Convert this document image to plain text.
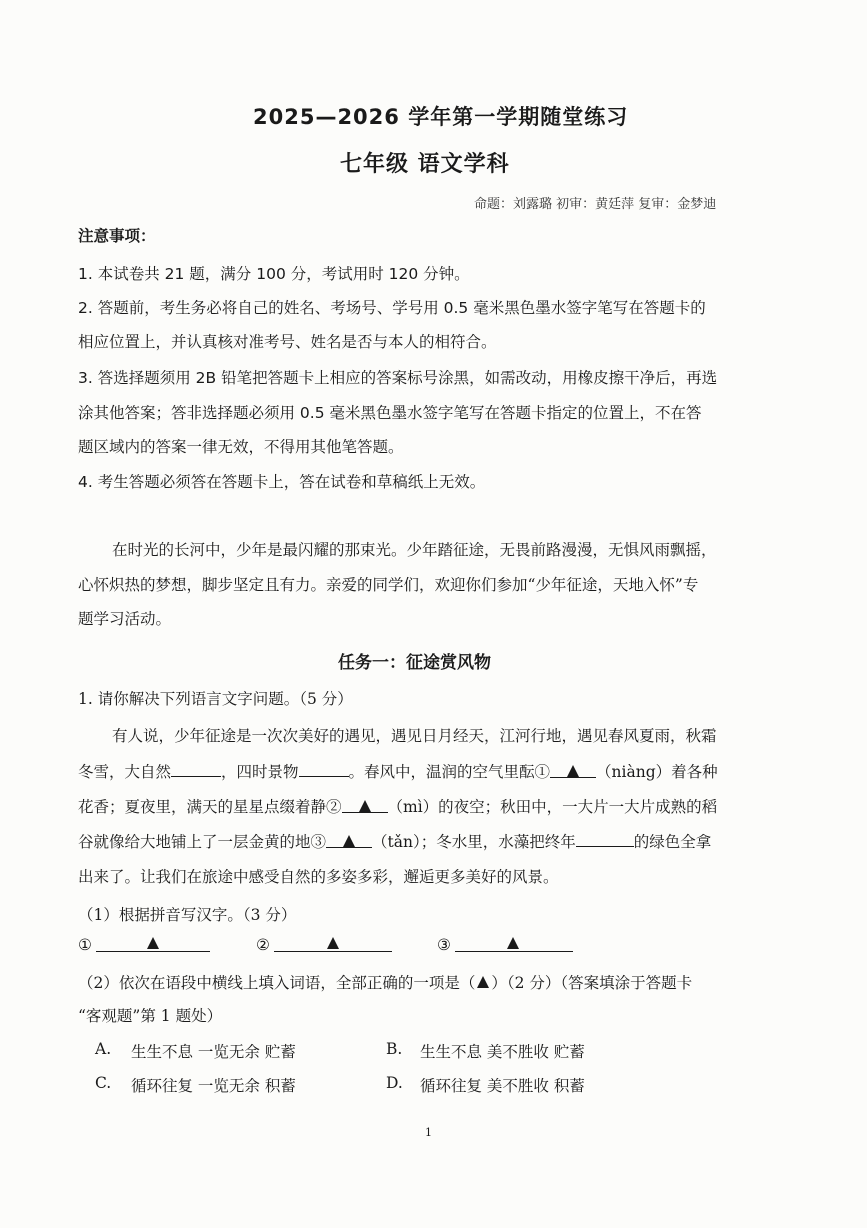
2025—2026 学年第一学期随堂练习
七年级 语文学科
命题：刘露璐 初审：黄廷萍 复审：金梦迪
注意事项：
1. 本试卷共 21 题，满分 100 分，考试用时 120 分钟。
2. 答题前，考生务必将自己的姓名、考场号、学号用 0.5 毫米黑色墨水签字笔写在答题卡的
相应位置上，并认真核对准考号、姓名是否与本人的相符合。
3. 答选择题须用 2B 铅笔把答题卡上相应的答案标号涂黑，如需改动，用橡皮擦干净后，再选
涂其他答案；答非选择题必须用 0.5 毫米黑色墨水签字笔写在答题卡指定的位置上，不在答
题区域内的答案一律无效，不得用其他笔答题。
4. 考生答题必须答在答题卡上，答在试卷和草稿纸上无效。
在时光的长河中，少年是最闪耀的那束光。少年踏征途，无畏前路漫漫，无惧风雨飘摇，
心怀炽热的梦想，脚步坚定且有力。亲爱的同学们，欢迎你们参加“少年征途，天地入怀”专
题学习活动。
任务一：征途赏风物
1. 请你解决下列语言文字问题。（5 分）
有人说，少年征途是一次次美好的遇见，遇见日月经天，江河行地，遇见春风夏雨，秋霜
冬雪，大自然	，四时景物	。春风中，温润的空气里酝①	（niàng）着各种
花香；夏夜里，满天的星星点缀着静②	（mì）的夜空；秋田中，一大片一大片成熟的稻
谷就像给大地铺上了一层金黄的地③	（tǎn）；冬水里，水藻把终年	的绿色全拿
出来了。让我们在旅途中感受自然的多姿多彩，邂逅更多美好的风景。
（1）根据拼音写汉字。（3 分）
①	②	③
（2）依次在语段中横线上填入词语，全部正确的一项是（ ）（2 分）（答案填涂于答题卡
“客观题”第 1 题处）
A. 生生不息 一览无余 贮蓄	B. 生生不息 美不胜收 贮蓄
C. 循环往复 一览无余 积蓄	D. 循环往复 美不胜收 积蓄
1
